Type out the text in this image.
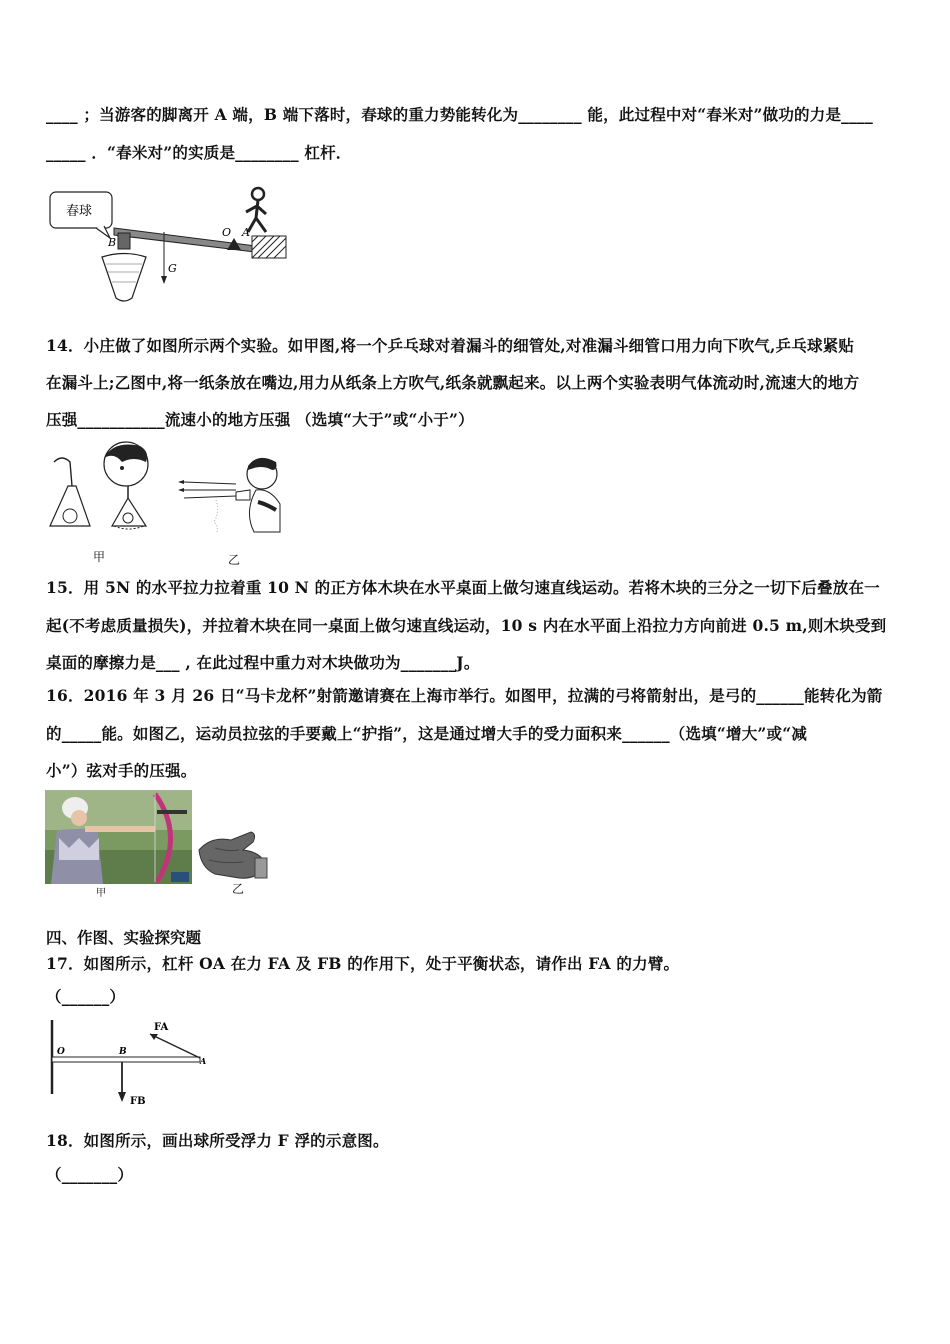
____ ；当游客的脚离开 A 端，B 端下落时，春球的重力势能转化为________ 能，此过程中对“春米对”做功的力是____
_____ ．“春米对”的实质是________ 杠杆．
春球
B
O A
G
14．小庄做了如图所示两个实验。如甲图,将一个乒乓球对着漏斗的细管处,对准漏斗细管口用力向下吹气,乒乓球紧贴
在漏斗上;乙图中,将一纸条放在嘴边,用力从纸条上方吹气,纸条就飘起来。以上两个实验表明气体流动时,流速大的地方
压强___________流速小的地方压强 （选填“大于”或“小于”）
甲	乙
15．用 5N 的水平拉力拉着重 10 N 的正方体木块在水平桌面上做匀速直线运动。若将木块的三分之一切下后叠放在一
起(不考虑质量损失)，并拉着木块在同一桌面上做匀速直线运动，10 s 内在水平面上沿拉力方向前进 0.5 m,则木块受到
桌面的摩擦力是___ , 在此过程中重力对木块做功为_______J。
16．2016 年 3 月 26 日“马卡龙杯”射箭邀请赛在上海市举行。如图甲，拉满的弓将箭射出，是弓的______能转化为箭
的_____能。如图乙，运动员拉弦的手要戴上“护指”，这是通过增大手的受力面积来______（选填“增大”或“减
小”）弦对手的压强。
甲	乙
四、作图、实验探究题
17．如图所示，杠杆 OA 在力 FA 及 FB 的作用下，处于平衡状态，请作出 FA 的力臂。
（______）
O	B
A
FA
FB
18．如图所示，画出球所受浮力 F 浮的示意图。
（_______）
